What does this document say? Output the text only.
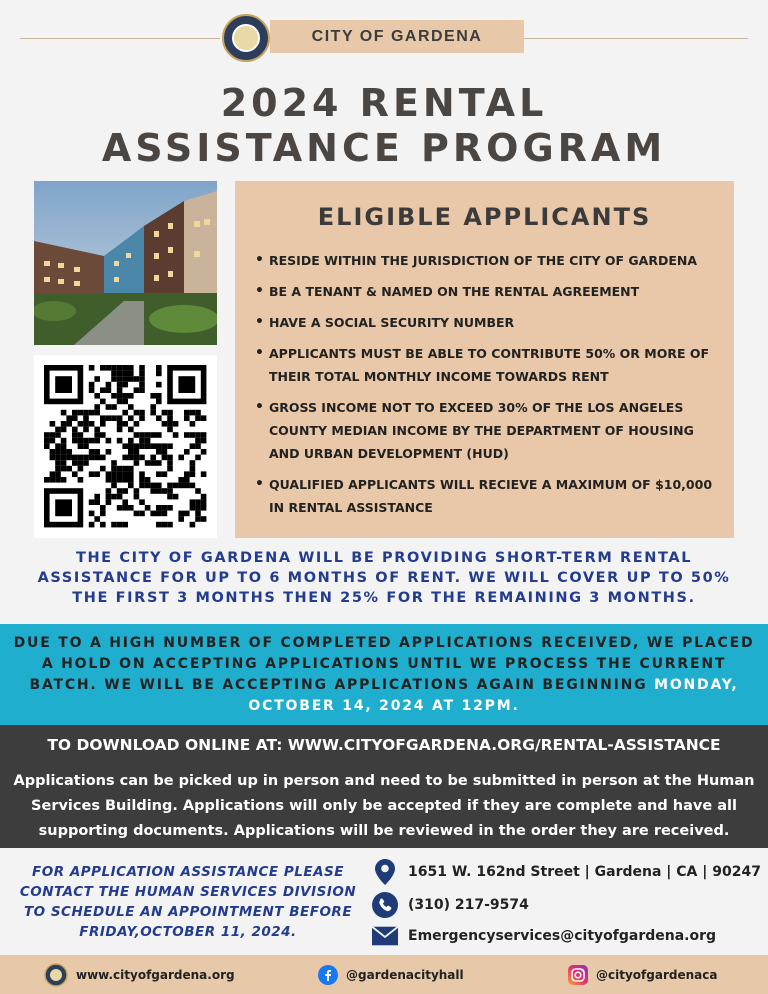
CITY OF GARDENA
2024 RENTAL
ASSISTANCE PROGRAM
ELIGIBLE APPLICANTS
• RESIDE WITHIN THE JURISDICTION OF THE CITY OF GARDENA
• BE A TENANT & NAMED ON THE RENTAL AGREEMENT
• HAVE A SOCIAL SECURITY NUMBER
• APPLICANTS MUST BE ABLE TO CONTRIBUTE 50% OR MORE OF THEIR TOTAL MONTHLY INCOME TOWARDS RENT
• GROSS INCOME NOT TO EXCEED 30% OF THE LOS ANGELES COUNTY MEDIAN INCOME BY THE DEPARTMENT OF HOUSING AND URBAN DEVELOPMENT (HUD)
• QUALIFIED APPLICANTS WILL RECIEVE A MAXIMUM OF $10,000 IN RENTAL ASSISTANCE
THE CITY OF GARDENA WILL BE PROVIDING SHORT-TERM RENTAL ASSISTANCE FOR UP TO 6 MONTHS OF RENT. WE WILL COVER UP TO 50% THE FIRST 3 MONTHS THEN 25% FOR THE REMAINING 3 MONTHS.
DUE TO A HIGH NUMBER OF COMPLETED APPLICATIONS RECEIVED, WE PLACED A HOLD ON ACCEPTING APPLICATIONS UNTIL WE PROCESS THE CURRENT BATCH. WE WILL BE ACCEPTING APPLICATIONS AGAIN BEGINNING MONDAY, OCTOBER 14, 2024 AT 12PM.
TO DOWNLOAD ONLINE AT: WWW.CITYOFGARDENA.ORG/RENTAL-ASSISTANCE

Applications can be picked up in person and need to be submitted in person at the Human Services Building. Applications will only be accepted if they are complete and have all supporting documents. Applications will be reviewed in the order they are received.

FOR APPLICATION ASSISTANCE PLEASE CONTACT THE HUMAN SERVICES DIVISION TO SCHEDULE AN APPOINTMENT BEFORE FRIDAY,OCTOBER 11, 2024.
1651 W. 162nd Street | Gardena | CA | 90247
(310) 217-9574
Emergencyservices@cityofgardena.org
www.cityofgardena.org	@gardenacityhall	@cityofgardenaca
